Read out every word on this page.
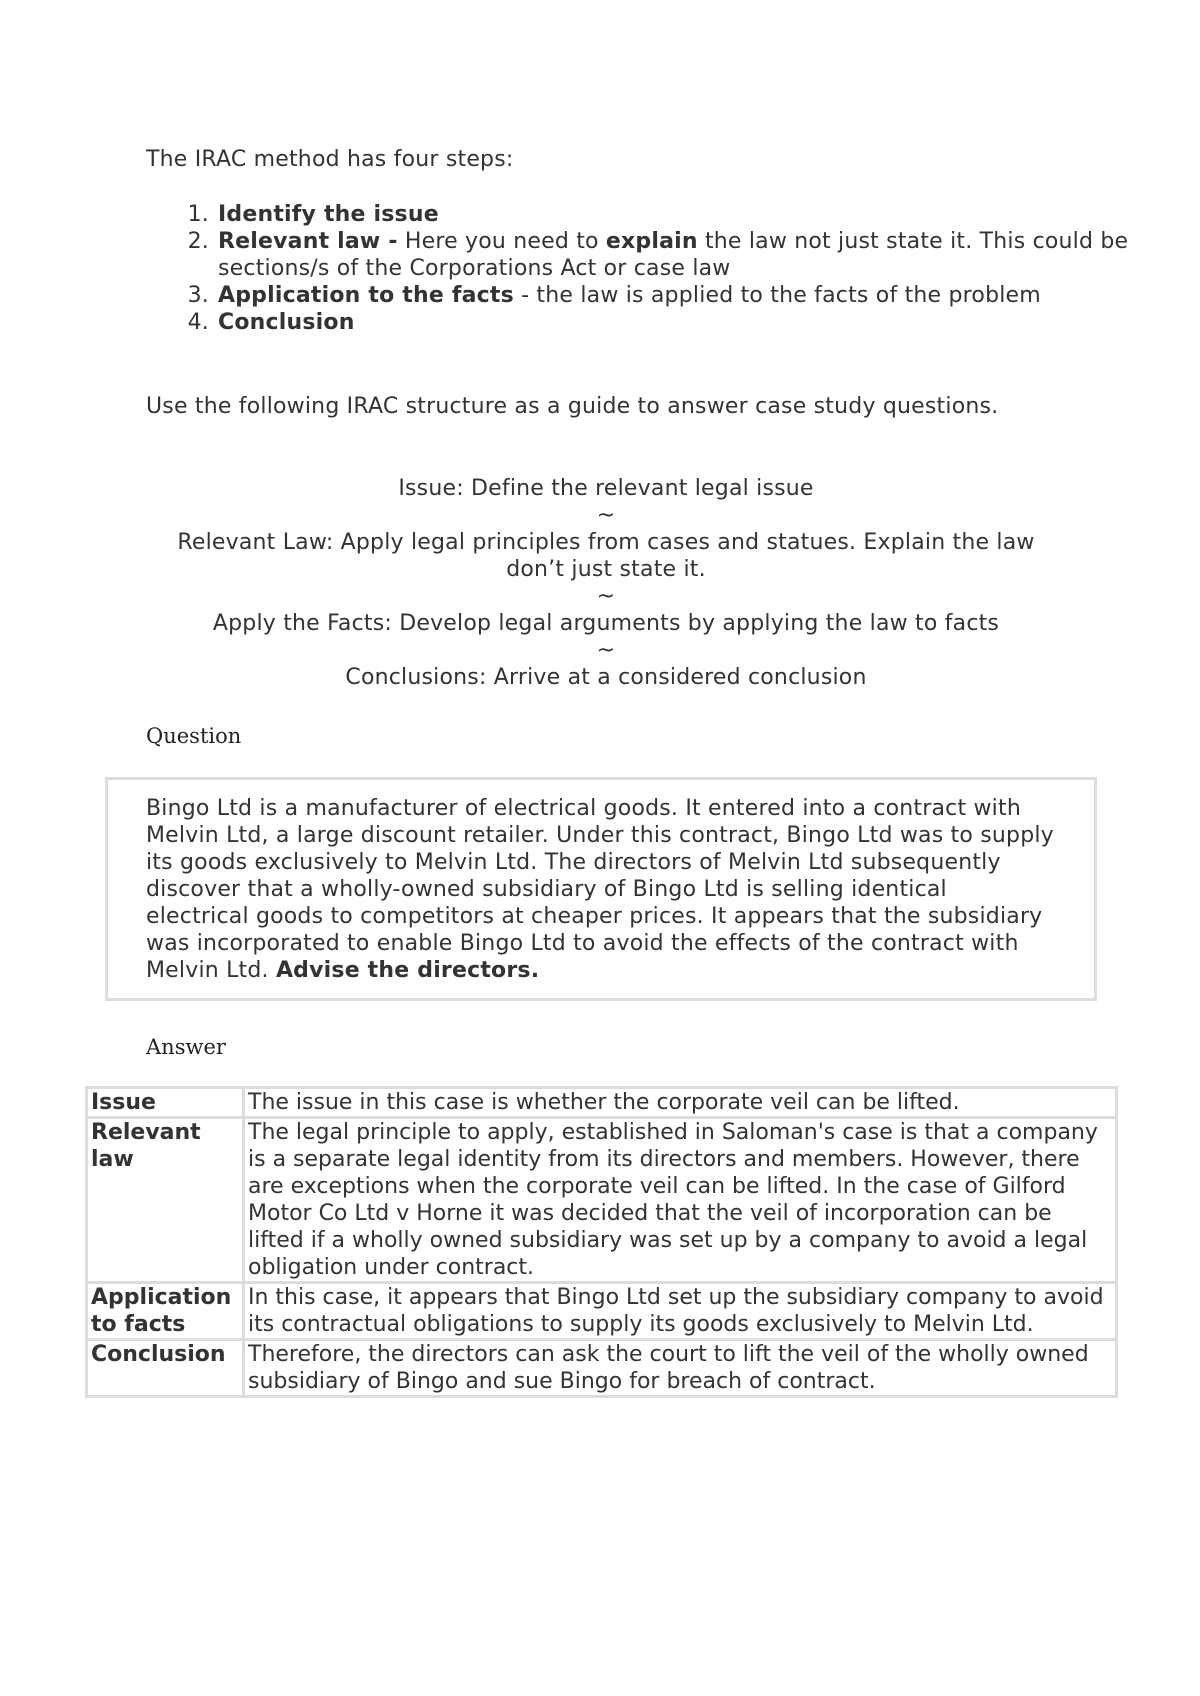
The IRAC method has four steps:
1. Identify the issue
2. Relevant law - Here you need to explain the law not just state it. This could be sections/s of the Corporations Act or case law
3. Application to the facts - the law is applied to the facts of the problem
4. Conclusion
Use the following IRAC structure as a guide to answer case study questions.
Issue: Define the relevant legal issue
~
Relevant Law: Apply legal principles from cases and statues. Explain the law don’t just state it.
~
Apply the Facts: Develop legal arguments by applying the law to facts
~
Conclusions: Arrive at a considered conclusion
Question
Bingo Ltd is a manufacturer of electrical goods. It entered into a contract with Melvin Ltd, a large discount retailer. Under this contract, Bingo Ltd was to supply its goods exclusively to Melvin Ltd. The directors of Melvin Ltd subsequently discover that a wholly-owned subsidiary of Bingo Ltd is selling identical electrical goods to competitors at cheaper prices. It appears that the subsidiary was incorporated to enable Bingo Ltd to avoid the effects of the contract with Melvin Ltd. Advise the directors.
Answer
Issue	The issue in this case is whether the corporate veil can be lifted.
Relevant law	The legal principle to apply, established in Saloman's case is that a company is a separate legal identity from its directors and members. However, there are exceptions when the corporate veil can be lifted. In the case of Gilford Motor Co Ltd v Horne it was decided that the veil of incorporation can be lifted if a wholly owned subsidiary was set up by a company to avoid a legal obligation under contract.
Application to facts	In this case, it appears that Bingo Ltd set up the subsidiary company to avoid its contractual obligations to supply its goods exclusively to Melvin Ltd.
Conclusion	Therefore, the directors can ask the court to lift the veil of the wholly owned subsidiary of Bingo and sue Bingo for breach of contract.
